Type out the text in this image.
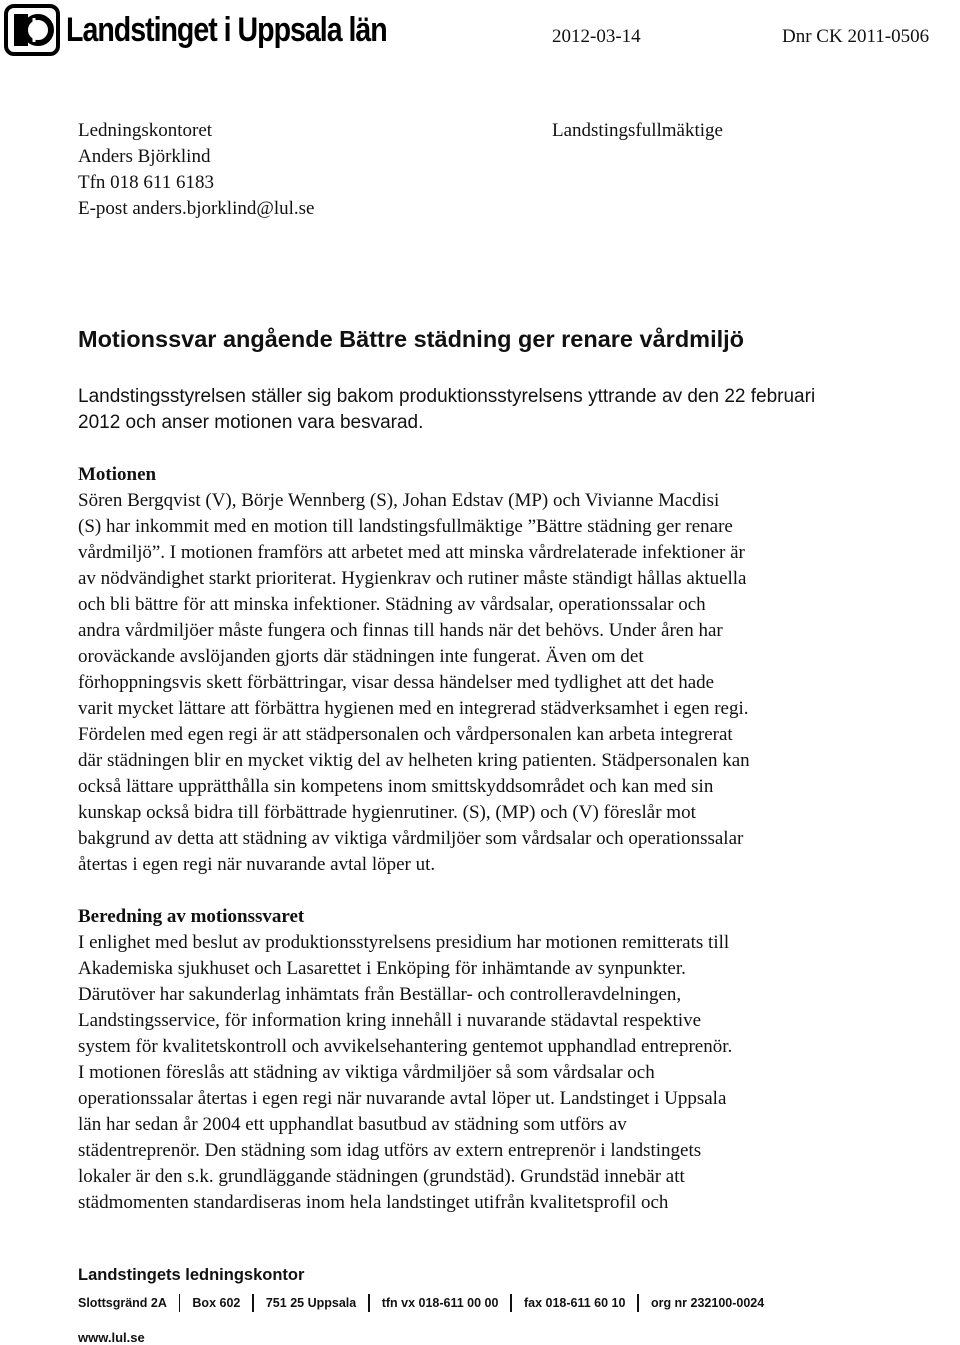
Landstinget i Uppsala län	2012-03-14	Dnr CK 2011-0506
Ledningskontoret
Anders Björklind
Tfn 018 611 6183
E-post anders.bjorklind@lul.se
Landstingsfullmäktige
Motionssvar angående Bättre städning ger renare vårdmiljö
Landstingsstyrelsen ställer sig bakom produktionsstyrelsens yttrande av den 22 februari
2012 och anser motionen vara besvarad.
Motionen
Sören Bergqvist (V), Börje Wennberg (S), Johan Edstav (MP) och Vivianne Macdisi
(S) har inkommit med en motion till landstingsfullmäktige ”Bättre städning ger renare
vårdmiljö”. I motionen framförs att arbetet med att minska vårdrelaterade infektioner är
av nödvändighet starkt prioriterat. Hygienkrav och rutiner måste ständigt hållas aktuella
och bli bättre för att minska infektioner. Städning av vårdsalar, operationssalar och
andra vårdmiljöer måste fungera och finnas till hands när det behövs. Under åren har
oroväckande avslöjanden gjorts där städningen inte fungerat. Även om det
förhoppningsvis skett förbättringar, visar dessa händelser med tydlighet att det hade
varit mycket lättare att förbättra hygienen med en integrerad städverksamhet i egen regi.
Fördelen med egen regi är att städpersonalen och vårdpersonalen kan arbeta integrerat
där städningen blir en mycket viktig del av helheten kring patienten. Städpersonalen kan
också lättare upprätthålla sin kompetens inom smittskyddsområdet och kan med sin
kunskap också bidra till förbättrade hygienrutiner. (S), (MP) och (V) föreslår mot
bakgrund av detta att städning av viktiga vårdmiljöer som vårdsalar och operationssalar
återtas i egen regi när nuvarande avtal löper ut.
Beredning av motionssvaret
I enlighet med beslut av produktionsstyrelsens presidium har motionen remitterats till
Akademiska sjukhuset och Lasarettet i Enköping för inhämtande av synpunkter.
Därutöver har sakunderlag inhämtats från Beställar- och controlleravdelningen,
Landstingsservice, för information kring innehåll i nuvarande städavtal respektive
system för kvalitetskontroll och avvikelsehantering gentemot upphandlad entreprenör.
I motionen föreslås att städning av viktiga vårdmiljöer så som vårdsalar och
operationssalar återtas i egen regi när nuvarande avtal löper ut. Landstinget i Uppsala
län har sedan år 2004 ett upphandlat basutbud av städning som utförs av
städentreprenör. Den städning som idag utförs av extern entreprenör i landstingets
lokaler är den s.k. grundläggande städningen (grundstäd). Grundstäd innebär att
städmomenten standardiseras inom hela landstinget utifrån kvalitetsprofil och
Landstingets ledningskontor
Slottsgränd 2A	Box 602	751 25 Uppsala	tfn vx 018-611 00 00	fax 018-611 60 10	org nr 232100-0024
www.lul.se
